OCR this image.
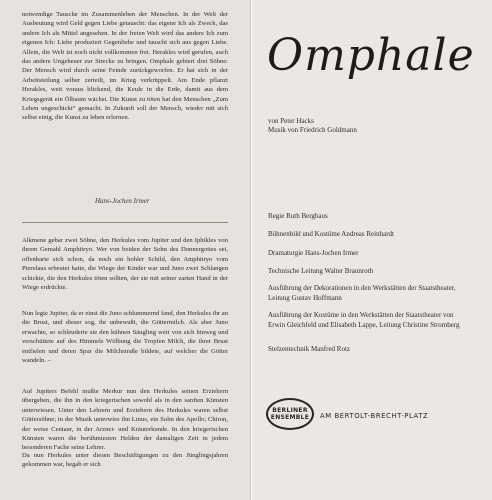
notwendige Tausche im Zusammenleben der Menschen. In der Welt der Ausbeutung wird Geld gegen Liebe getauscht: das eigene Ich als Zweck, das andere Ich als Mittel angesehen. In der freien Welt wird das andere Ich zum eigenen Ich: Liebe produziert Gegenliebe und tauscht sich aus gegen Liebe. Allein, die Welt ist noch nicht vollkommen frei. Herakles wird gerufen, auch das andere Ungeheuer zur Strecke zu bringen. Omphale gebiert drei Söhne: Der Mensch wird durch seine Feinde zurückgeworfen. Er hat sich in der Arbeitsteilung selber zerteilt, im Krieg verkrüppelt. Am Ende pflanzt Herakles, weit voraus blickend, die Keule in die Erde, damit aus dem Kriegsgerät ein Ölbaum wächst. Die Kunst zu töten hat den Menschen „Zum Leben ungeschickt“ gemacht. In Zukunft soll der Mensch, wieder mit sich selbst einig, die Kunst zu leben erlernen.

Hans-Jochen Irmer

Alkmene gebar zwei Söhne, den Herkules vom Jupiter und den Iphikles von ihrem Gemahl Amphitryo. Wer von beiden der Sohn des Donnergottes sei, offenbarte sich schon, da noch ein hohler Schild, den Amphitryo vom Pterelaus erbeutet hatte, die Wiege der Kinder war und Juno zwei Schlangen schickte, die den Herkules töten sollten, der sie mit seiner zarten Hand in der Wiege erdrückte.

Nun legte Jupiter, da er einst die Juno schlummernd fand, den Herkules ihr an die Brust, und dieser sog, ihr unbewußt, die Göttermilch. Als aber Juno erwachte, so schleuderte sie den kühnen Säugling weit von sich hinweg und verschüttete auf des Himmels Wölbung die Tropfen Milch, die ihrer Brust entfielen und deren Spur die Milchstraße bildete, auf welcher die Götter wandeln. –

Auf Jupiters Befehl mußte Merkur nun den Herkules seinen Erziehern übergeben, die ihn in den kriegerischen sowohl als in den sanften Künsten unterwiesen. Unter den Lehrern und Erziehern des Herkules waren selbst Göttersöhne; in der Musik unterwies ihn Linus, ein Sohn des Apollo; Chiron, der weise Centaur, in der Arznei- und Kräuterkunde. In den kriegerischen Künsten waren die berühmtesten Helden der damaligen Zeit in jedem besonderen Fache seine Lehrer.

Da nun Herkules unter diesen Beschäftigungen zu den Jünglingsjahren gekommen war, begab er sich

Omphale

von Peter Hacks
Musik von Friedrich Goldmann

Regie Ruth Berghaus

Bühnenbild und Kostüme Andreas Reinhardt

Dramaturgie Hans-Jochen Irmer

Technische Leitung Walter Braunroth

Ausführung der Dekorationen in den Werkstätten der Staatstheater, Leitung Gustav Hoffmann

Ausführung der Kostüme in den Werkstätten der Staatstheater von Erwin Gleichfeld und Elisabeth Lappe, Leitung Christine Stromberg

Stelzentechnik Manfred Rotz

BERLINER
ENSEMBLE AM BERTOLT-BRECHT-PLATZ
